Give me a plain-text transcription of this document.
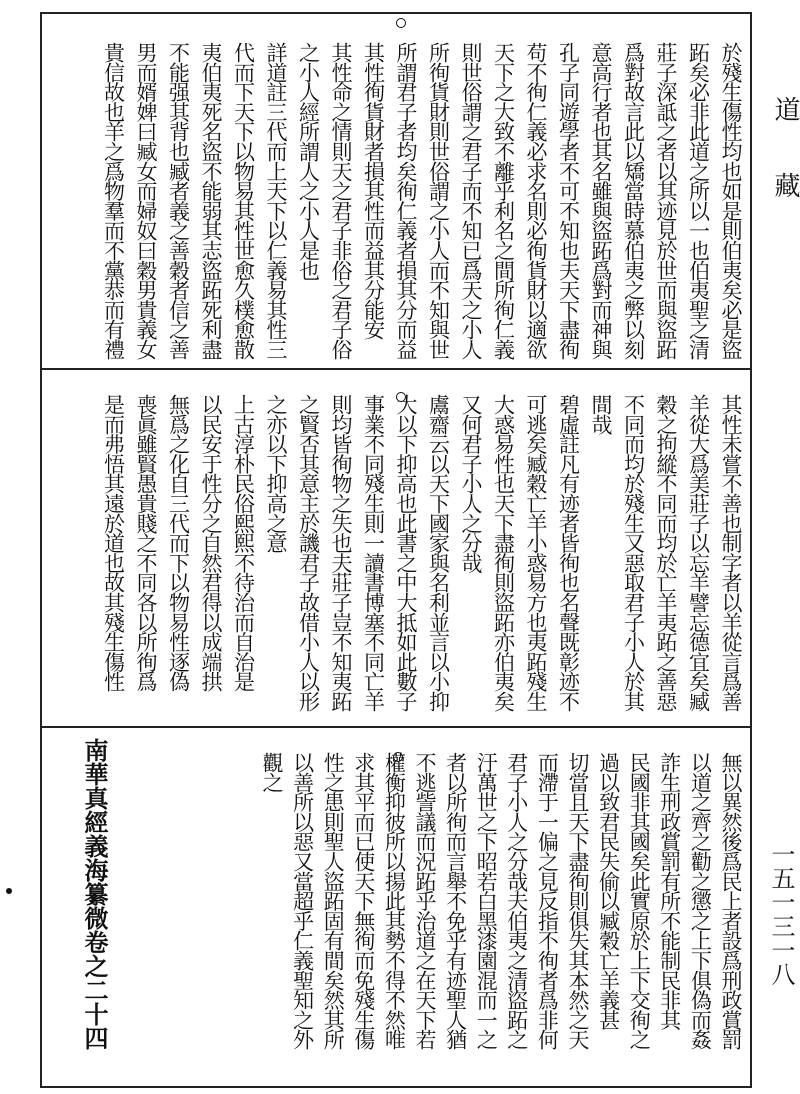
道
藏
一五一三一八
於殘生傷性均也如是則伯夷矣必是盜
跖矣必非此道之所以一也伯夷聖之清
莊子深詆之者以其迹見於世而與盜跖
爲對故言此以矯當時慕伯夷之弊以刻
意高行者也其名雖與盜跖爲對而神與
孔子同遊學者不可不知也夫天下盡徇
苟不徇仁義必求名則必徇貨財以適欲
天下之大致不離乎利名之間所徇仁義
則世俗謂之君子而不知已爲天之小人
所徇貨財則世俗謂之小人而不知與世
所謂君子者均矣徇仁義者損其分而益
其性徇貨財者損其性而益其分能安
其性命之情則天之君子非俗之君子俗
之小人經所謂人之小人是也
詳道註三代而上天下以仁義易其性三
代而下天下以物易其性世愈久樸愈散
夷伯夷死名盜不能弱其志盜跖死利盡
不能强其背也臧者義之善穀者信之善
男而婿婢曰臧女而婦奴曰穀男貴義女
貴信故也羊之爲物羣而不黨恭而有禮
其性未嘗不善也制字者以羊從言爲善
羊從大爲美莊子以忘羊譬忘德宜矣臧
穀之拘縱不同而均於亡羊夷跖之善惡
不同而均於殘生又惡取君子小人於其
間哉
碧虛註凡有迹者皆徇也名聲既彰迹不
可逃矣臧穀亡羊小惑易方也夷跖殘生
大惑易性也天下盡徇則盜跖亦伯夷矣
又何君子小人之分哉
鬳齋云以天下國家與名利並言以小抑
大以下抑高也此書之中大抵如此數子
事業不同殘生則一讀書博塞不同亡羊
則均皆徇物之失也夫莊子豈不知夷跖
之賢否其意主於譏君子故借小人以形
之亦以下抑高之意
上古淳朴民俗熙熙不待治而自治是
以民安于性分之自然君得以成端拱
無爲之化自三代而下以物易性逐偽
喪眞雖賢愚貴賤之不同各以所徇爲
是而弗悟其遠於道也故其殘生傷性
南華真經義海纂微卷之二十四	無以異然後爲民上者設爲刑政賞罰
以道之齊之勸之懲之上下俱偽而姦
詐生刑政賞罰有所不能制民非其
民國非其國矣此實原於上下交徇之
過以致君民失偷以臧穀亡羊義甚
切當且天下盡徇則俱失其本然之天
而滯于一偏之見反指不徇者爲非何
君子小人之分哉夫伯夷之清盜跖之
汙萬世之下昭若白黑漆園混而一之
者以所徇而言舉不免乎有迹聖人猶
不逃訾議而況跖乎治道之在天下若
權衡抑彼所以揚此其勢不得不然唯
求其平而已使天下無徇而免殘生傷
性之患則聖人盜跖固有間矣然其所
以善所以惡又當超乎仁義聖知之外
觀之
